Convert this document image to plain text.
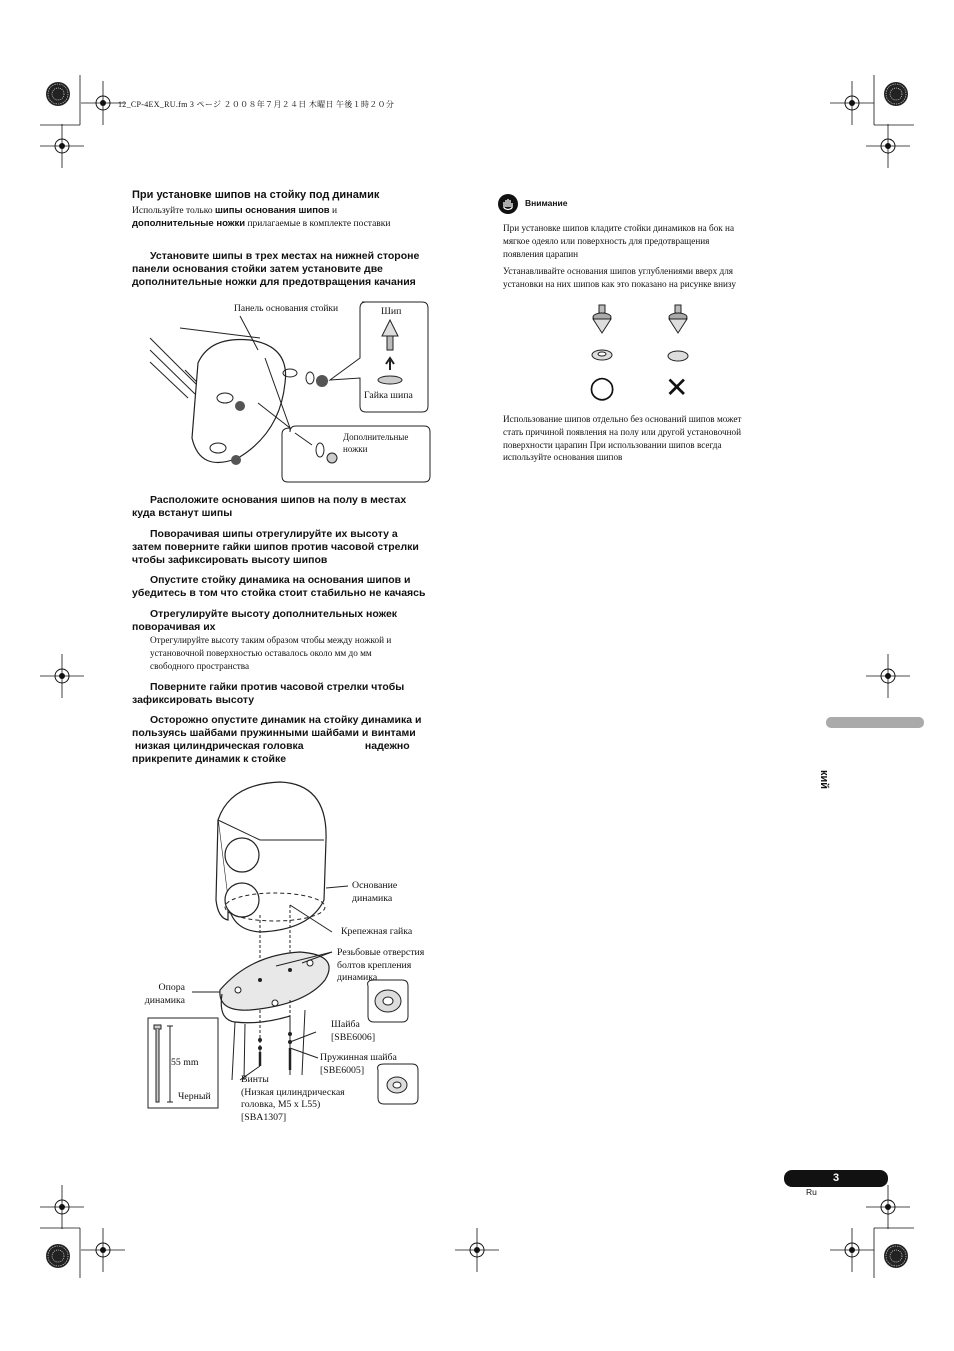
12_CP-4EX_RU.fm 3 ページ ２００８年７月２４日 木曜日 午後１時２０分
При установке шипов на стойку под динамик
Используйте только шипы основания шипов и
дополнительные ножки прилагаемые в комплекте поставки
Установите шипы в трех местах на нижней стороне
панели основания стойки затем установите две
дополнительные ножки для предотвращения качания
Панель основания стойки	Шип
Гайка шипа
Дополнительные
ножки
Расположите основания шипов на полу в местах
куда встанут шипы
Поворачивая шипы отрегулируйте их высоту а
затем поверните гайки шипов против часовой стрелки
чтобы зафиксировать высоту шипов
Опустите стойку динамика на основания шипов и
убедитесь в том что стойка стоит стабильно не качаясь
Отрегулируйте высоту дополнительных ножек
поворачивая их
Отрегулируйте высоту таким образом чтобы между ножкой и
установочной поверхностью оставалось около мм до мм
свободного пространства
Поверните гайки против часовой стрелки чтобы
зафиксировать высоту
Осторожно опустите динамик на стойку динамика и
пользуясь шайбами пружинными шайбами и винтами
низкая цилиндрическая головка                     надежно
прикрепите динамик к стойке
Основание
динамика
Крепежная гайка
Резьбовые отверстия
болтов крепления
динамика
Опора
динамика
Шайба
[SBE6006]
Пружинная шайба
[SBE6005]
Винты
(Низкая цилиндрическая
головка, M5 x L55)
[SBA1307]
55 mm
Черный
Внимание
При установке шипов кладите стойки динамиков на бок на
мягкое одеяло или поверхность для предотвращения
появления царапин
Устанавливайте основания шипов углублениями вверх для
установки на них шипов как это показано на рисунке внизу
○ ✕
Использование шипов отдельно без оснований шипов может
стать причиной появления на полу или другой установочной
поверхности царапин При использовании шипов всегда
используйте основания шипов
кий
3
Ru
